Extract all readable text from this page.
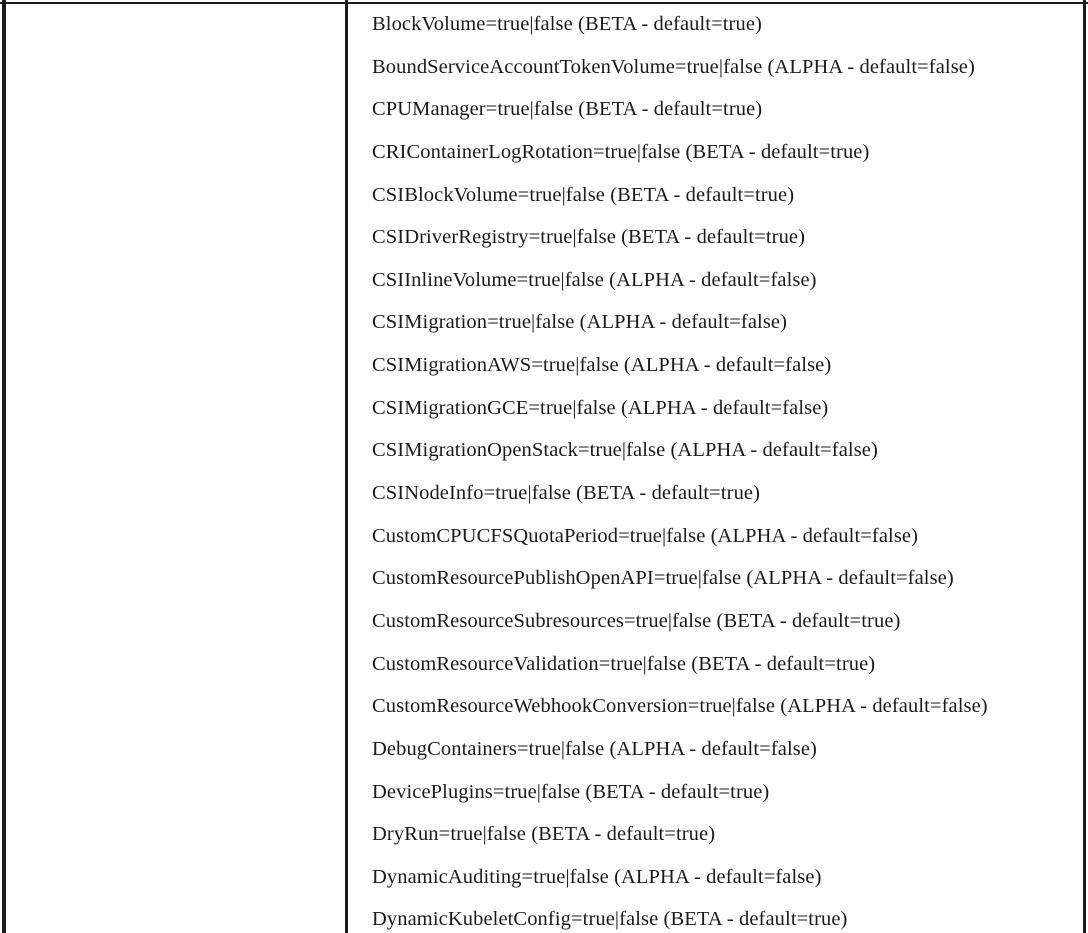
BlockVolume=true|false (BETA - default=true)
BoundServiceAccountTokenVolume=true|false (ALPHA - default=false)
CPUManager=true|false (BETA - default=true)
CRIContainerLogRotation=true|false (BETA - default=true)
CSIBlockVolume=true|false (BETA - default=true)
CSIDriverRegistry=true|false (BETA - default=true)
CSIInlineVolume=true|false (ALPHA - default=false)
CSIMigration=true|false (ALPHA - default=false)
CSIMigrationAWS=true|false (ALPHA - default=false)
CSIMigrationGCE=true|false (ALPHA - default=false)
CSIMigrationOpenStack=true|false (ALPHA - default=false)
CSINodeInfo=true|false (BETA - default=true)
CustomCPUCFSQuotaPeriod=true|false (ALPHA - default=false)
CustomResourcePublishOpenAPI=true|false (ALPHA - default=false)
CustomResourceSubresources=true|false (BETA - default=true)
CustomResourceValidation=true|false (BETA - default=true)
CustomResourceWebhookConversion=true|false (ALPHA - default=false)
DebugContainers=true|false (ALPHA - default=false)
DevicePlugins=true|false (BETA - default=true)
DryRun=true|false (BETA - default=true)
DynamicAuditing=true|false (ALPHA - default=false)
DynamicKubeletConfig=true|false (BETA - default=true)
